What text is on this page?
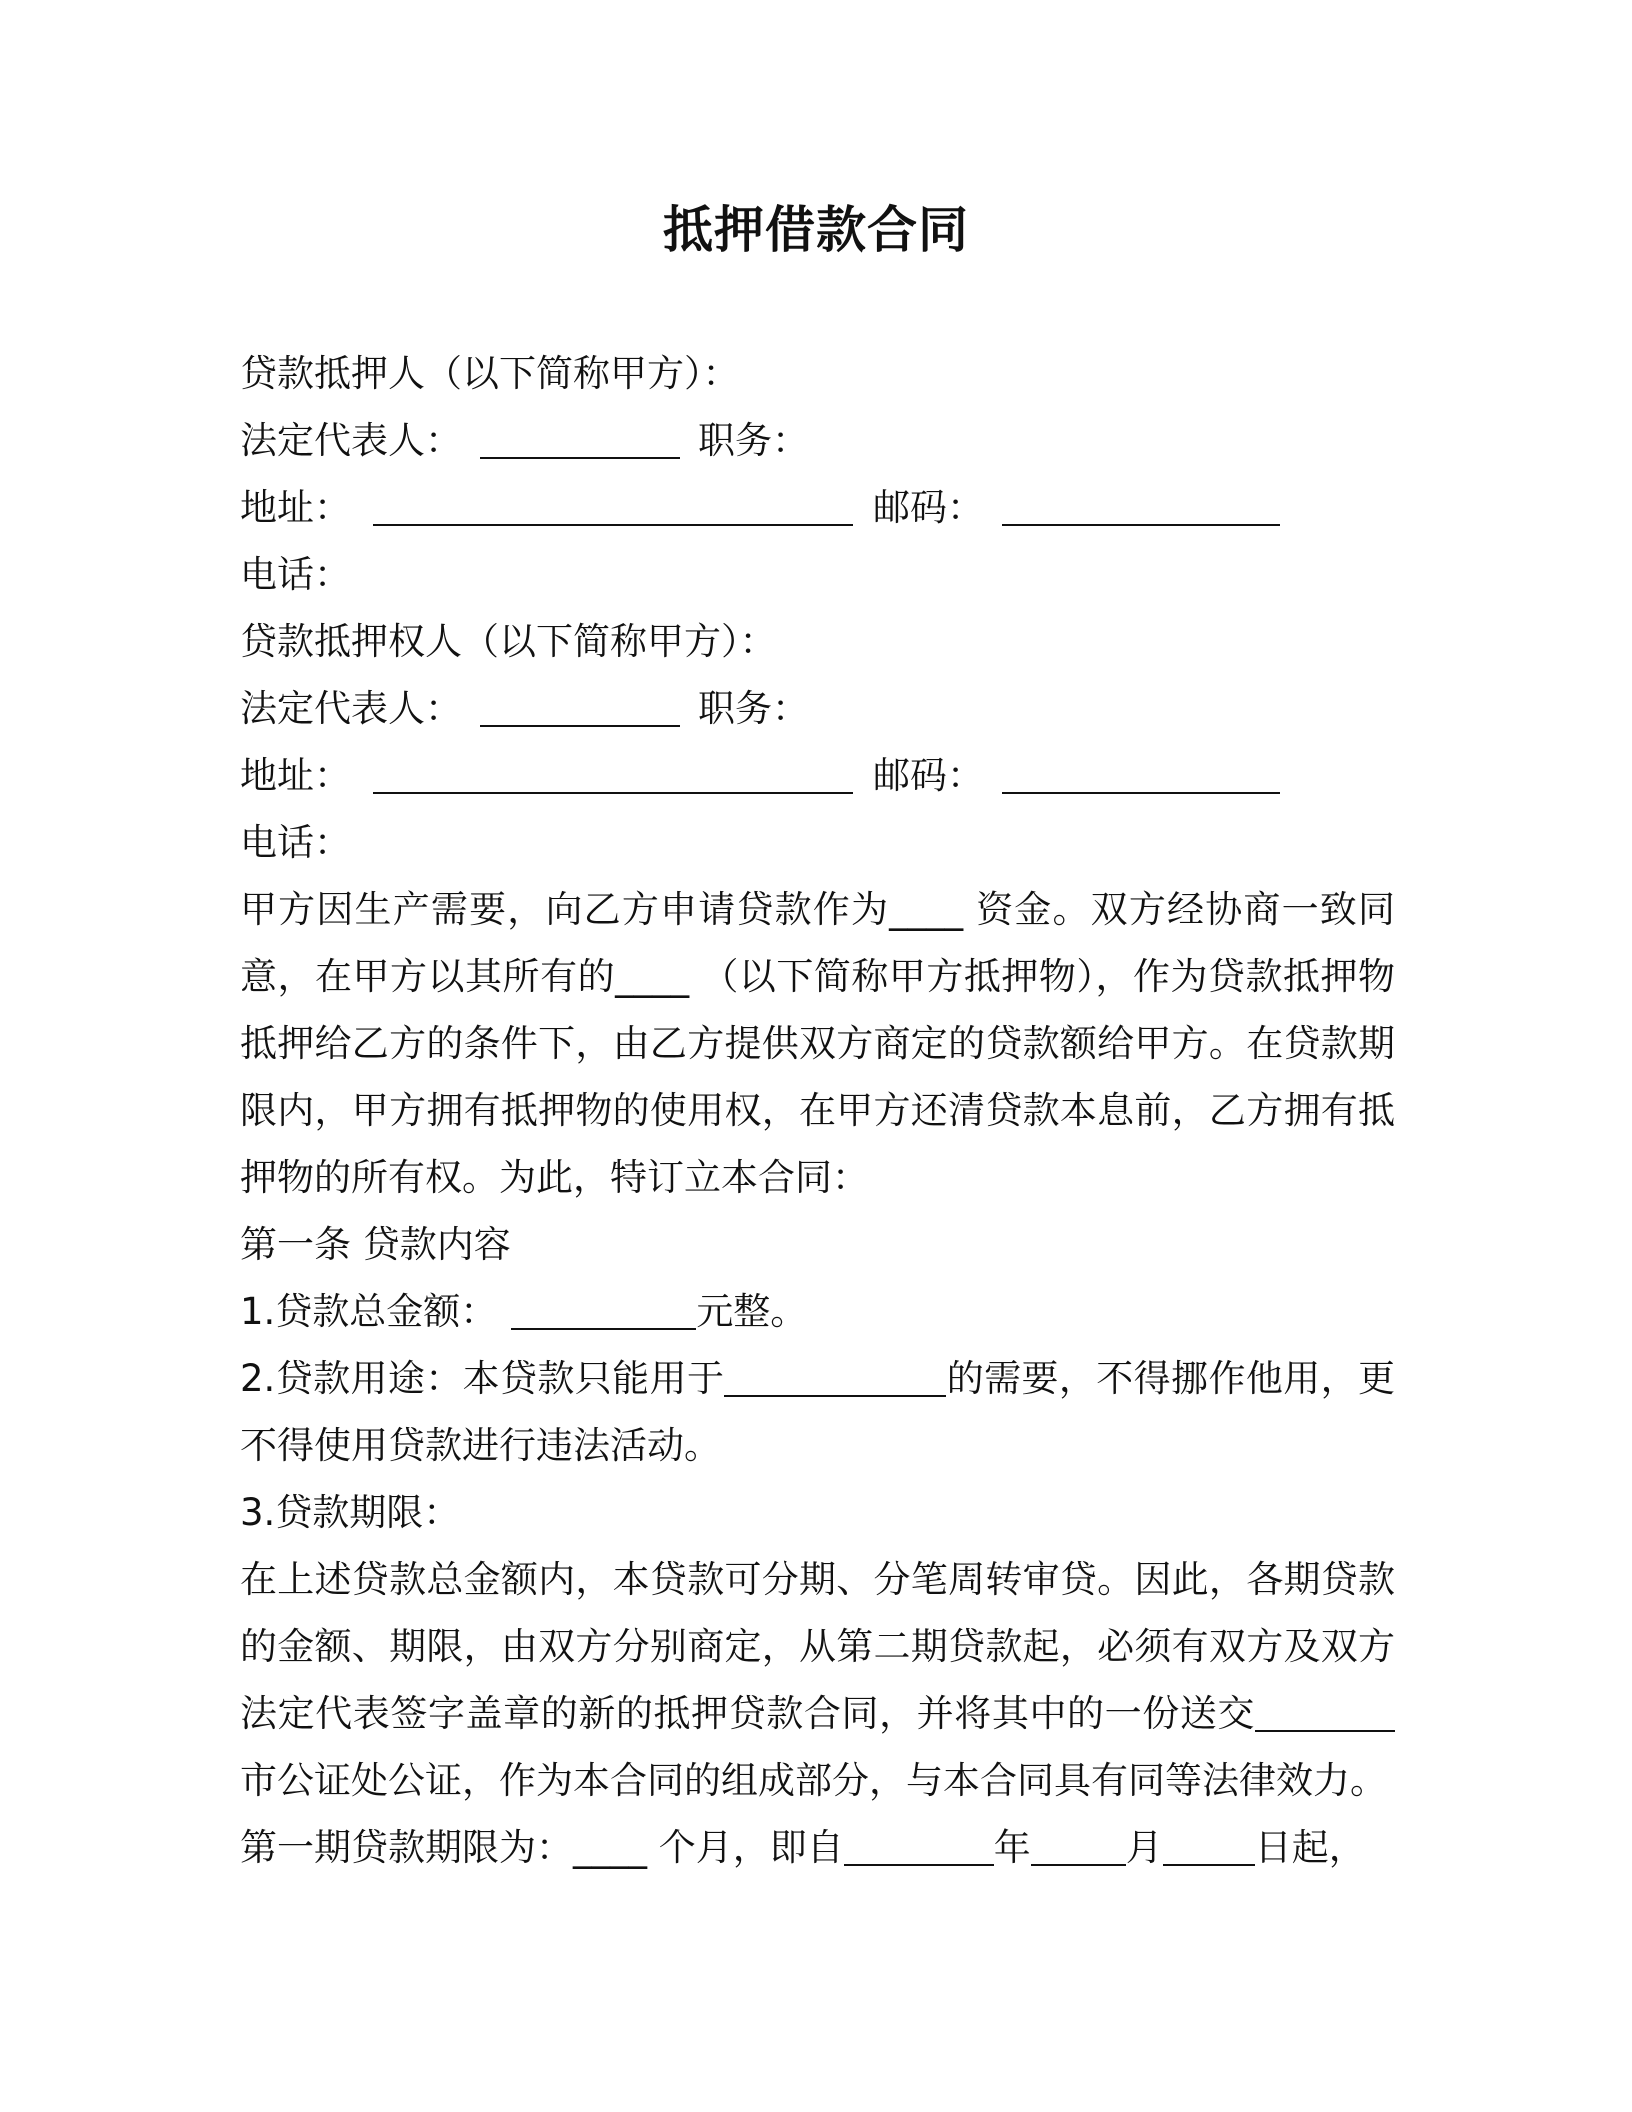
抵押借款合同
贷款抵押人（以下简称甲方）：
法定代表人：	职务：
地址：	邮码：
电话：
贷款抵押权人（以下简称甲方）：
法定代表人：	职务：
地址：	邮码：
电话：
甲方因生产需要，向乙方申请贷款作为____ 资金。双方经协商一致同意，在甲方以其所有的____ （以下简称甲方抵押物），作为贷款抵押物抵押给乙方的条件下，由乙方提供双方商定的贷款额给甲方。在贷款期限内，甲方拥有抵押物的使用权，在甲方还清贷款本息前，乙方拥有抵押物的所有权。为此，特订立本合同：
第一条 贷款内容
1.贷款总金额：	元整。
2.贷款用途：本贷款只能用于	的需要，不得挪作他用，更不得使用贷款进行违法活动。
3.贷款期限：
在上述贷款总金额内，本贷款可分期、分笔周转审贷。因此，各期贷款的金额、期限，由双方分别商定，从第二期贷款起，必须有双方及双方法定代表签字盖章的新的抵押贷款合同，并将其中的一份送交市公证处公证，作为本合同的组成部分，与本合同具有同等法律效力。
第一期贷款期限为：____ 个月，即自	年	月 日起，
